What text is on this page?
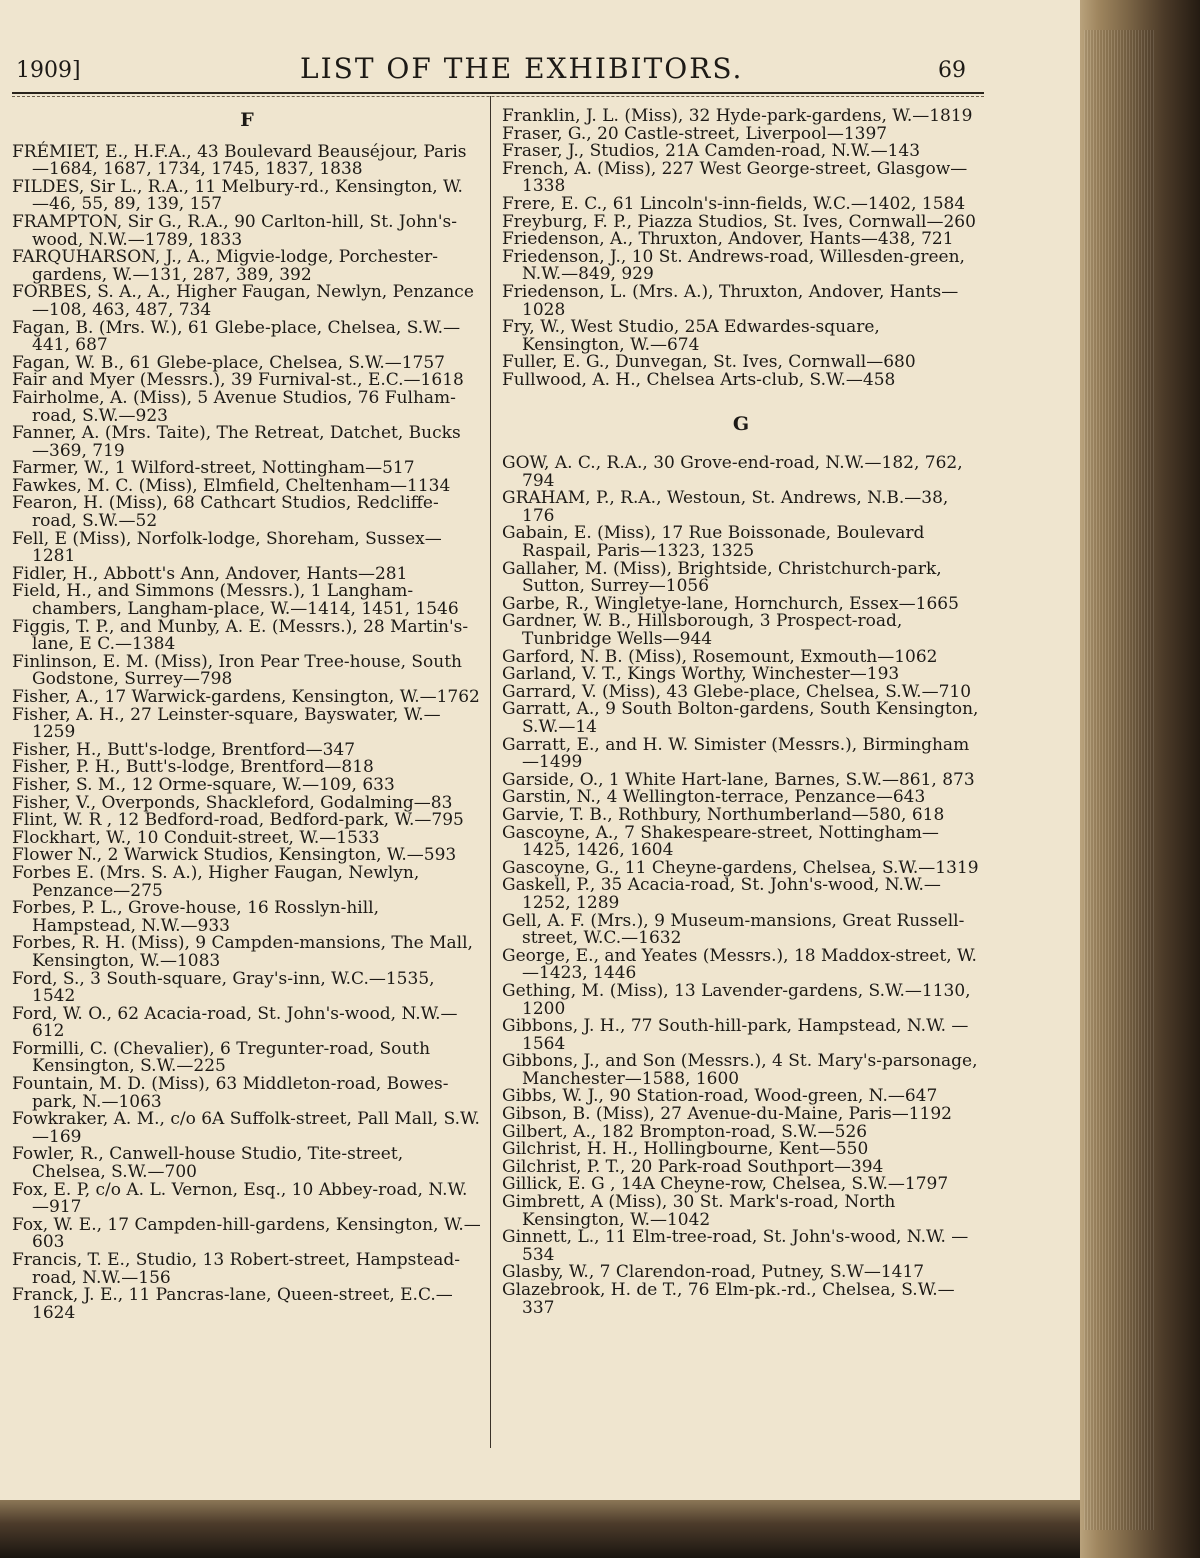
1909]	LIST OF THE EXHIBITORS.	69
F

FRÉMIET, E., H.F.A., 43 Boulevard Beauséjour, Paris—1684, 1687, 1734, 1745, 1837, 1838

FILDES, Sir L., R.A., 11 Melbury-rd., Kensington, W. —46, 55, 89, 139, 157

FRAMPTON, Sir G., R.A., 90 Carlton-hill, St. John's-wood, N.W.—1789, 1833

FARQUHARSON, J., A., Migvie-lodge, Porchester-gardens, W.—131, 287, 389, 392

FORBES, S. A., A., Higher Faugan, Newlyn, Penzance —108, 463, 487, 734

Fagan, B. (Mrs. W.), 61 Glebe-place, Chelsea, S.W.—441, 687

Fagan, W. B., 61 Glebe-place, Chelsea, S.W.—1757

Fair and Myer (Messrs.), 39 Furnival-st., E.C.—1618

Fairholme, A. (Miss), 5 Avenue Studios, 76 Fulham-road, S.W.—923

Fanner, A. (Mrs. Taite), The Retreat, Datchet, Bucks —369, 719

Farmer, W., 1 Wilford-street, Nottingham—517

Fawkes, M. C. (Miss), Elmfield, Cheltenham—1134

Fearon, H. (Miss), 68 Cathcart Studios, Redcliffe-road, S.W.—52

Fell, E (Miss), Norfolk-lodge, Shoreham, Sussex—1281

Fidler, H., Abbott's Ann, Andover, Hants—281

Field, H., and Simmons (Messrs.), 1 Langham-chambers, Langham-place, W.—1414, 1451, 1546

Figgis, T. P., and Munby, A. E. (Messrs.), 28 Martin's-lane, E C.—1384

Finlinson, E. M. (Miss), Iron Pear Tree-house, South Godstone, Surrey—798

Fisher, A., 17 Warwick-gardens, Kensington, W.—1762

Fisher, A. H., 27 Leinster-square, Bayswater, W.—1259

Fisher, H., Butt's-lodge, Brentford—347

Fisher, P. H., Butt's-lodge, Brentford—818

Fisher, S. M., 12 Orme-square, W.—109, 633

Fisher, V., Overponds, Shackleford, Godalming—83

Flint, W. R , 12 Bedford-road, Bedford-park, W.—795

Flockhart, W., 10 Conduit-street, W.—1533

Flower N., 2 Warwick Studios, Kensington, W.—593

Forbes E. (Mrs. S. A.), Higher Faugan, Newlyn, Penzance—275

Forbes, P. L., Grove-house, 16 Rosslyn-hill, Hampstead, N.W.—933

Forbes, R. H. (Miss), 9 Campden-mansions, The Mall, Kensington, W.—1083

Ford, S., 3 South-square, Gray's-inn, W.C.—1535, 1542

Ford, W. O., 62 Acacia-road, St. John's-wood, N.W.—612

Formilli, C. (Chevalier), 6 Tregunter-road, South Kensington, S.W.—225

Fountain, M. D. (Miss), 63 Middleton-road, Bowes-park, N.—1063

Fowkraker, A. M., c/o 6A Suffolk-street, Pall Mall, S.W.—169

Fowler, R., Canwell-house Studio, Tite-street, Chelsea, S.W.—700

Fox, E. P, c/o A. L. Vernon, Esq., 10 Abbey-road, N.W.—917

Fox, W. E., 17 Campden-hill-gardens, Kensington, W.—603

Francis, T. E., Studio, 13 Robert-street, Hampstead-road, N.W.—156

Franck, J. E., 11 Pancras-lane, Queen-street, E.C.—1624

Franklin, J. L. (Miss), 32 Hyde-park-gardens, W.—1819

Fraser, G., 20 Castle-street, Liverpool—1397

Fraser, J., Studios, 21A Camden-road, N.W.—143

French, A. (Miss), 227 West George-street, Glasgow—1338

Frere, E. C., 61 Lincoln's-inn-fields, W.C.—1402, 1584

Freyburg, F. P., Piazza Studios, St. Ives, Cornwall—260

Friedenson, A., Thruxton, Andover, Hants—438, 721

Friedenson, J., 10 St. Andrews-road, Willesden-green, N.W.—849, 929

Friedenson, L. (Mrs. A.), Thruxton, Andover, Hants—1028

Fry, W., West Studio, 25A Edwardes-square, Kensington, W.—674

Fuller, E. G., Dunvegan, St. Ives, Cornwall—680

Fullwood, A. H., Chelsea Arts-club, S.W.—458

G

GOW, A. C., R.A., 30 Grove-end-road, N.W.—182, 762, 794

GRAHAM, P., R.A., Westoun, St. Andrews, N.B.—38, 176

Gabain, E. (Miss), 17 Rue Boissonade, Boulevard Raspail, Paris—1323, 1325

Gallaher, M. (Miss), Brightside, Christchurch-park, Sutton, Surrey—1056

Garbe, R., Wingletye-lane, Hornchurch, Essex—1665

Gardner, W. B., Hillsborough, 3 Prospect-road, Tunbridge Wells—944

Garford, N. B. (Miss), Rosemount, Exmouth—1062

Garland, V. T., Kings Worthy, Winchester—193

Garrard, V. (Miss), 43 Glebe-place, Chelsea, S.W.—710

Garratt, A., 9 South Bolton-gardens, South Kensington, S.W.—14

Garratt, E., and H. W. Simister (Messrs.), Birmingham —1499

Garside, O., 1 White Hart-lane, Barnes, S.W.—861, 873

Garstin, N., 4 Wellington-terrace, Penzance—643

Garvie, T. B., Rothbury, Northumberland—580, 618

Gascoyne, A., 7 Shakespeare-street, Nottingham—1425, 1426, 1604

Gascoyne, G., 11 Cheyne-gardens, Chelsea, S.W.—1319

Gaskell, P., 35 Acacia-road, St. John's-wood, N.W.—1252, 1289

Gell, A. F. (Mrs.), 9 Museum-mansions, Great Russell-street, W.C.—1632

George, E., and Yeates (Messrs.), 18 Maddox-street, W.—1423, 1446

Gething, M. (Miss), 13 Lavender-gardens, S.W.—1130, 1200

Gibbons, J. H., 77 South-hill-park, Hampstead, N.W. —1564

Gibbons, J., and Son (Messrs.), 4 St. Mary's-parsonage, Manchester—1588, 1600

Gibbs, W. J., 90 Station-road, Wood-green, N.—647

Gibson, B. (Miss), 27 Avenue-du-Maine, Paris—1192

Gilbert, A., 182 Brompton-road, S.W.—526

Gilchrist, H. H., Hollingbourne, Kent—550

Gilchrist, P. T., 20 Park-road Southport—394

Gillick, E. G , 14A Cheyne-row, Chelsea, S.W.—1797

Gimbrett, A (Miss), 30 St. Mark's-road, North Kensington, W.—1042

Ginnett, L., 11 Elm-tree-road, St. John's-wood, N.W. —534

Glasby, W., 7 Clarendon-road, Putney, S.W—1417

Glazebrook, H. de T., 76 Elm-pk.-rd., Chelsea, S.W.—337
